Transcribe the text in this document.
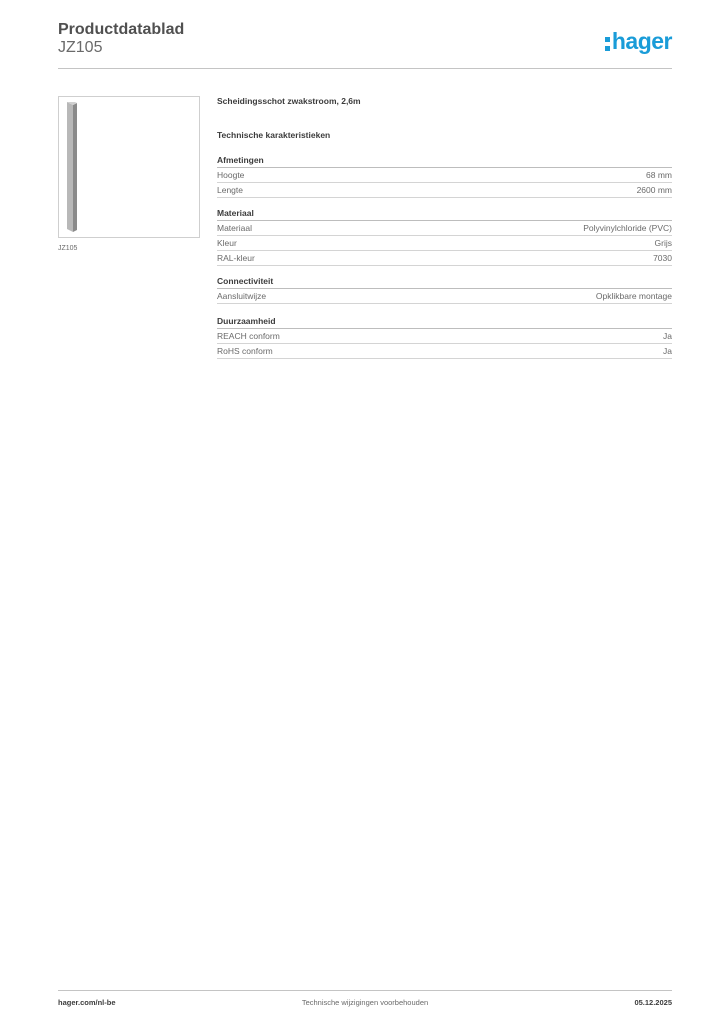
Productdatablad
JZ105	hager
JZ105
Scheidingsschot zwakstroom, 2,6m
Technische karakteristieken
Afmetingen
Hoogte	68 mm
Lengte	2600 mm
Materiaal
Materiaal	Polyvinylchloride (PVC)
Kleur	Grijs
RAL-kleur	7030
Connectiviteit
Aansluitwijze	Opklikbare montage
Duurzaamheid
REACH conform	Ja
RoHS conform	Ja
hager.com/nl-be	Technische wijzigingen voorbehouden	05.12.2025
